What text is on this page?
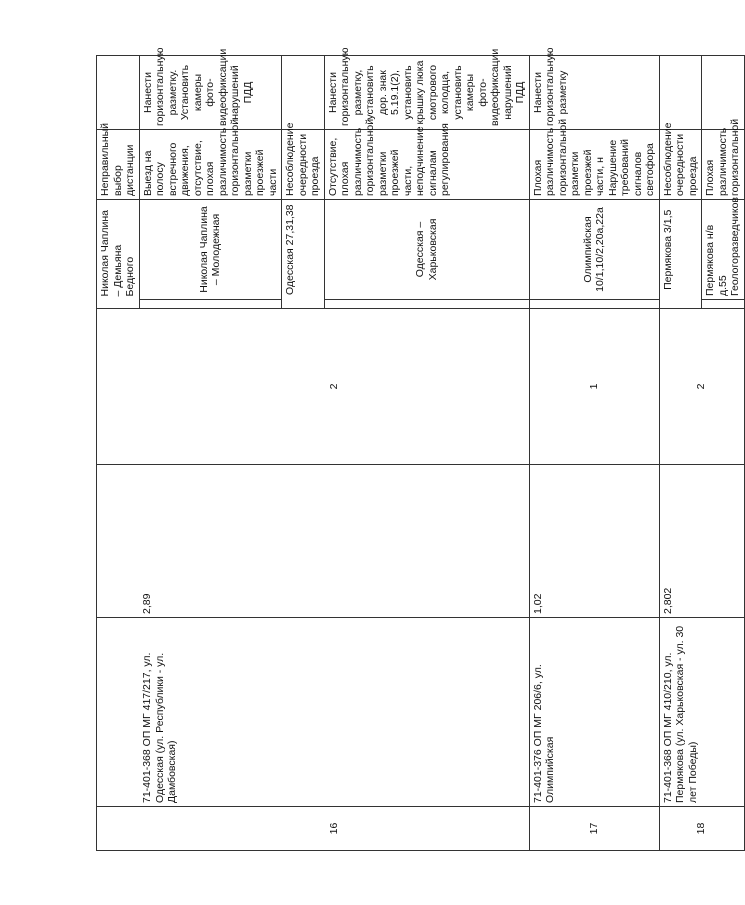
					Николая Чаплина – Демьяна Бедного	Неправильный выбор дистанции	
16	71-401-368 ОП МГ 417/217, ул. Одесская (ул. Республики - ул. Дамбовская)	2,89	2		Николая Чаплина – Молодежная	Выезд на полосу встречного движения, отсутствие, плохая различимость горизонтальной разметки проезжей части	Нанести горизонтальную разметку. Установить камеры фото-видеофиксации нарушений ПДД
					Одесская 27,31,38	Несоблюдение очередности проезда	
					Одесская – Харьковская	Отсутствие, плохая различимость горизонтальной разметки проезжей части, неподчинение сигналам регулирования	Нанести горизонтальную разметку, установить дор. знак 5.19.1(2), установить крышку люка смотрового колодца, установить камеры фото-видеофиксации нарушений ПДД
17	71-401-376 ОП МГ 206/6, ул. Олимпийская	1,02	1		Олимпийская 10/1,10/2,20а,22а	Плохая различимость горизонтальной разметки проезжей части, н Нарушение требований сигналов светофора	Нанести горизонтальную разметку
18	71-401-368 ОП МГ 410/210, ул. Пермякова (ул. Харьковская - ул. 30 лет Победы)	2,802	2		Пермякова 3/1,5	Несоблюдение очередности проезда	
					Пермякова н/в д.55 Геологоразведчиков	Плохая различимость горизонтальной	
